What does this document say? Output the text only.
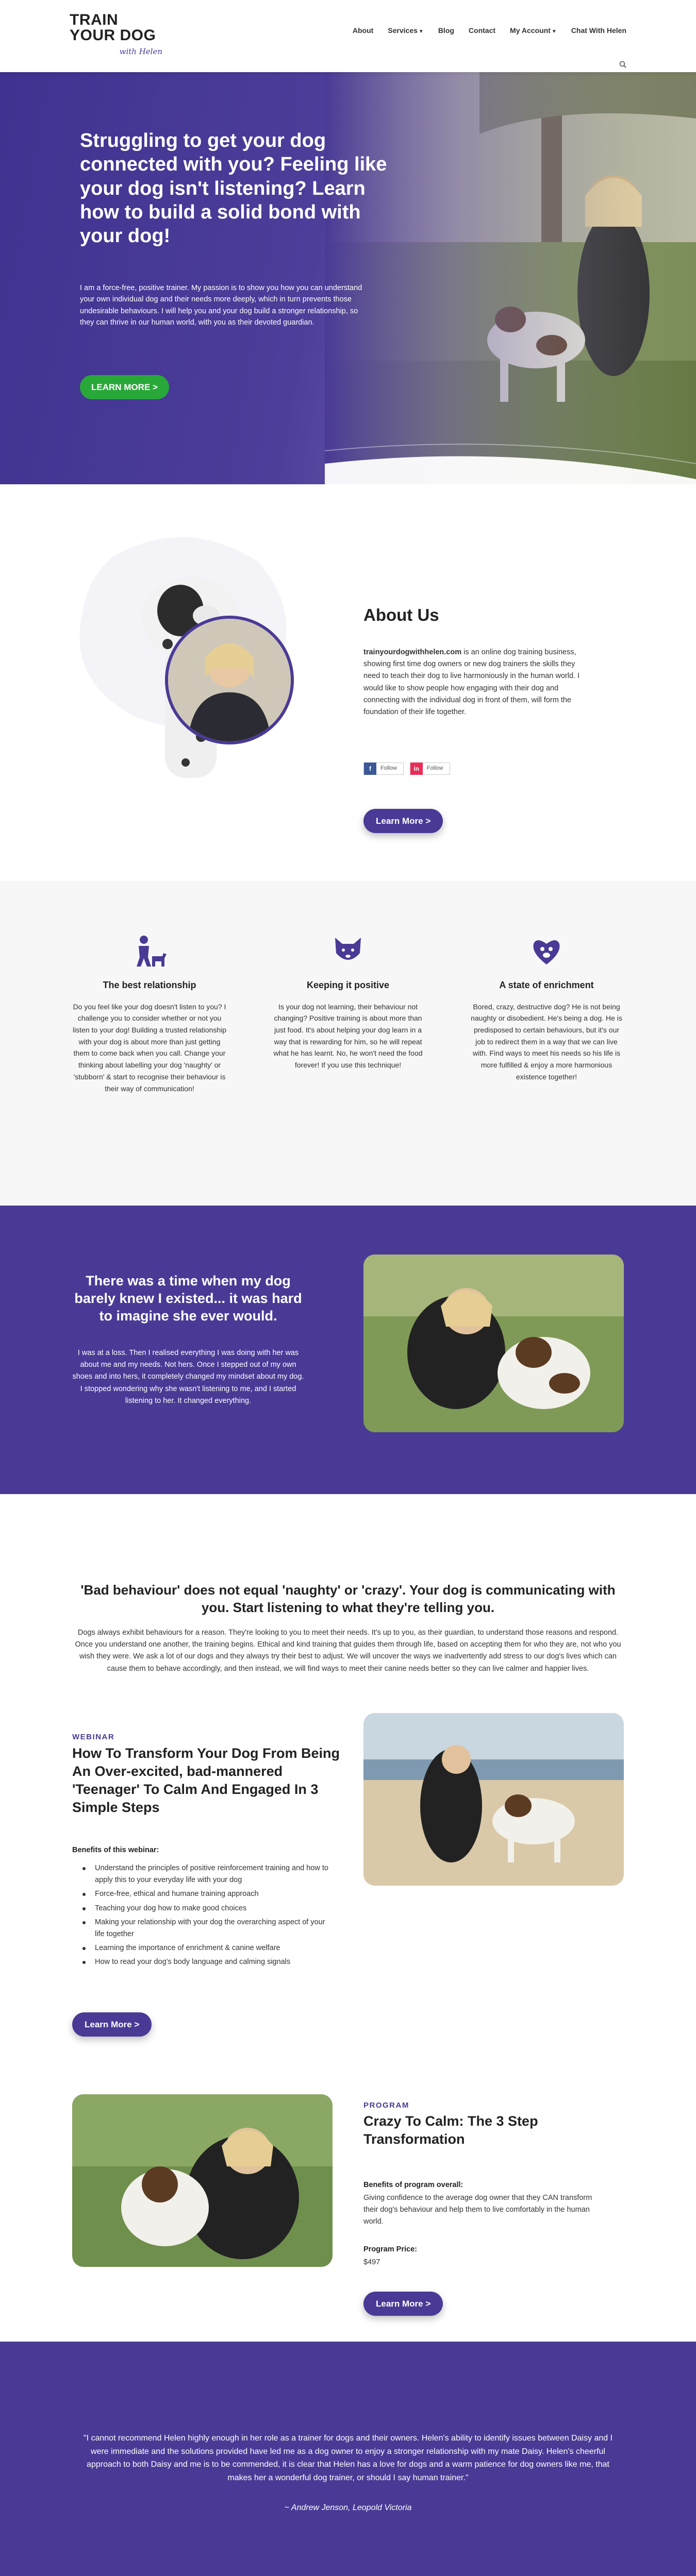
TRAIN YOUR DOG
with Helen
About Services ▼ Blog Contact My Account ▼ Chat With Helen
Struggling to get your dog connected with you? Feeling like your dog isn't listening? Learn how to build a solid bond with your dog!

I am a force-free, positive trainer. My passion is to show you how you can understand your own individual dog and their needs more deeply, which in turn prevents those undesirable behaviours. I will help you and your dog build a stronger relationship, so they can thrive in our human world, with you as their devoted guardian.

LEARN MORE >
About Us
trainyourdogwithhelen.com is an online dog training business, showing first time dog owners or new dog trainers the skills they need to teach their dog to live harmoniously in the human world. I would like to show people how engaging with their dog and connecting with the individual dog in front of them, will form the foundation of their life together.
f	Follow	in	Follow
Learn More >
The best relationship

Do you feel like your dog doesn't listen to you? I challenge you to consider whether or not you listen to your dog! Building a trusted relationship with your dog is about more than just getting them to come back when you call. Change your thinking about labelling your dog 'naughty' or 'stubborn' & start to recognise their behaviour is their way of communication!

Keeping it positive

Is your dog not learning, their behaviour not changing? Positive training is about more than just food. It's about helping your dog learn in a way that is rewarding for him, so he will repeat what he has learnt. No, he won't need the food forever! If you use this technique!

A state of enrichment

Bored, crazy, destructive dog? He is not being naughty or disobedient. He's being a dog. He is predisposed to certain behaviours, but it's our job to redirect them in a way that we can live with. Find ways to meet his needs so his life is more fulfilled & enjoy a more harmonious existence together!

There was a time when my dog barely knew I existed... it was hard to imagine she ever would.

I was at a loss. Then I realised everything I was doing with her was about me and my needs. Not hers. Once I stepped out of my own shoes and into hers, it completely changed my mindset about my dog. I stopped wondering why she wasn't listening to me, and I started listening to her. It changed everything.

'Bad behaviour' does not equal 'naughty' or 'crazy'. Your dog is communicating with you. Start listening to what they're telling you.

Dogs always exhibit behaviours for a reason. They're looking to you to meet their needs. It's up to you, as their guardian, to understand those reasons and respond. Once you understand one another, the training begins. Ethical and kind training that guides them through life, based on accepting them for who they are, not who you wish they were. We ask a lot of our dogs and they always try their best to adjust. We will uncover the ways we inadvertently add stress to our dog's lives which can cause them to behave accordingly, and then instead, we will find ways to meet their canine needs better so they can live calmer and happier lives.

WEBINAR
How To Transform Your Dog From Being An Over-excited, bad-mannered 'Teenager' To Calm And Engaged In 3 Simple Steps
Benefits of this webinar:
Understand the principles of positive reinforcement training and how to apply this to your everyday life with your dog
Force-free, ethical and humane training approach
Teaching your dog how to make good choices
Making your relationship with your dog the overarching aspect of your life together
Learning the importance of enrichment & canine welfare
How to read your dog's body language and calming signals
Learn More >
PROGRAM
Crazy To Calm: The 3 Step Transformation
Benefits of program overall:
Giving confidence to the average dog owner that they CAN transform their dog's behaviour and help them to live comfortably in the human world.
Program Price:
$497
Learn More >

"I cannot recommend Helen highly enough in her role as a trainer for dogs and their owners. Helen's ability to identify issues between Daisy and I were immediate and the solutions provided have led me as a dog owner to enjoy a stronger relationship with my mate Daisy. Helen's cheerful approach to both Daisy and me is to be commended, it is clear that Helen has a love for dogs and a warm patience for dog owners like me, that makes her a wonderful dog trainer, or should I say human trainer."

~ Andrew Jenson, Leopold Victoria
